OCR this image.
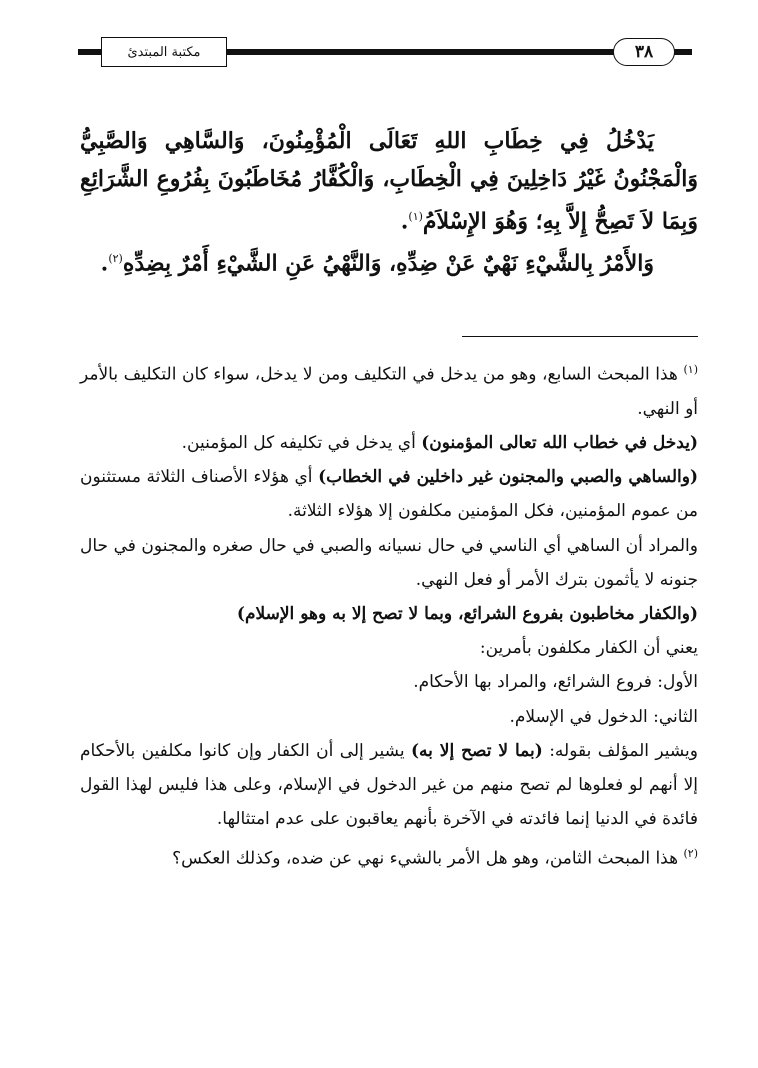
مكتبة المبتدئ	٣٨

يَدْخُلُ فِي خِطَابِ اللهِ تَعَالَى الْمُؤْمِنُونَ، وَالسَّاهِي وَالصَّبِيُّ وَالْمَجْنُونُ غَيْرُ دَاخِلِينَ فِي الْخِطَابِ، وَالْكُفَّارُ مُخَاطَبُونَ بِفُرُوعِ الشَّرَائِعِ وَبِمَا لاَ تَصِحُّ إِلاَّ بِهِ؛ وَهُوَ الإِسْلاَمُ$^{(١)}$.

وَالأَمْرُ بِالشَّيْءِ نَهْيٌ عَنْ ضِدِّهِ، وَالنَّهْيُ عَنِ الشَّيْءِ أَمْرٌ بِضِدِّهِ$^{(٢)}$.

$^{(١)}$ هذا المبحث السابع، وهو من يدخل في التكليف ومن لا يدخل، سواء كان التكليف بالأمر أو النهي.

(يدخل في خطاب الله تعالى المؤمنون) أي يدخل في تكليفه كل المؤمنين.

(والساهي والصبي والمجنون غير داخلين في الخطاب) أي هؤلاء الأصناف الثلاثة مستثنون من عموم المؤمنين، فكل المؤمنين مكلفون إلا هؤلاء الثلاثة.

والمراد أن الساهي أي الناسي في حال نسيانه والصبي في حال صغره والمجنون في حال جنونه لا يأثمون بترك الأمر أو فعل النهي.

(والكفار مخاطبون بفروع الشرائع، وبما لا تصح إلا به وهو الإسلام)

يعني أن الكفار مكلفون بأمرين:

الأول: فروع الشرائع، والمراد بها الأحكام.

الثاني: الدخول في الإسلام.

ويشير المؤلف بقوله: (بما لا تصح إلا به) يشير إلى أن الكفار وإن كانوا مكلفين بالأحكام إلا أنهم لو فعلوها لم تصح منهم من غير الدخول في الإسلام، وعلى هذا فليس لهذا القول فائدة في الدنيا إنما فائدته في الآخرة بأنهم يعاقبون على عدم امتثالها.

$^{(٢)}$ هذا المبحث الثامن، وهو هل الأمر بالشيء نهي عن ضده، وكذلك العكس؟
